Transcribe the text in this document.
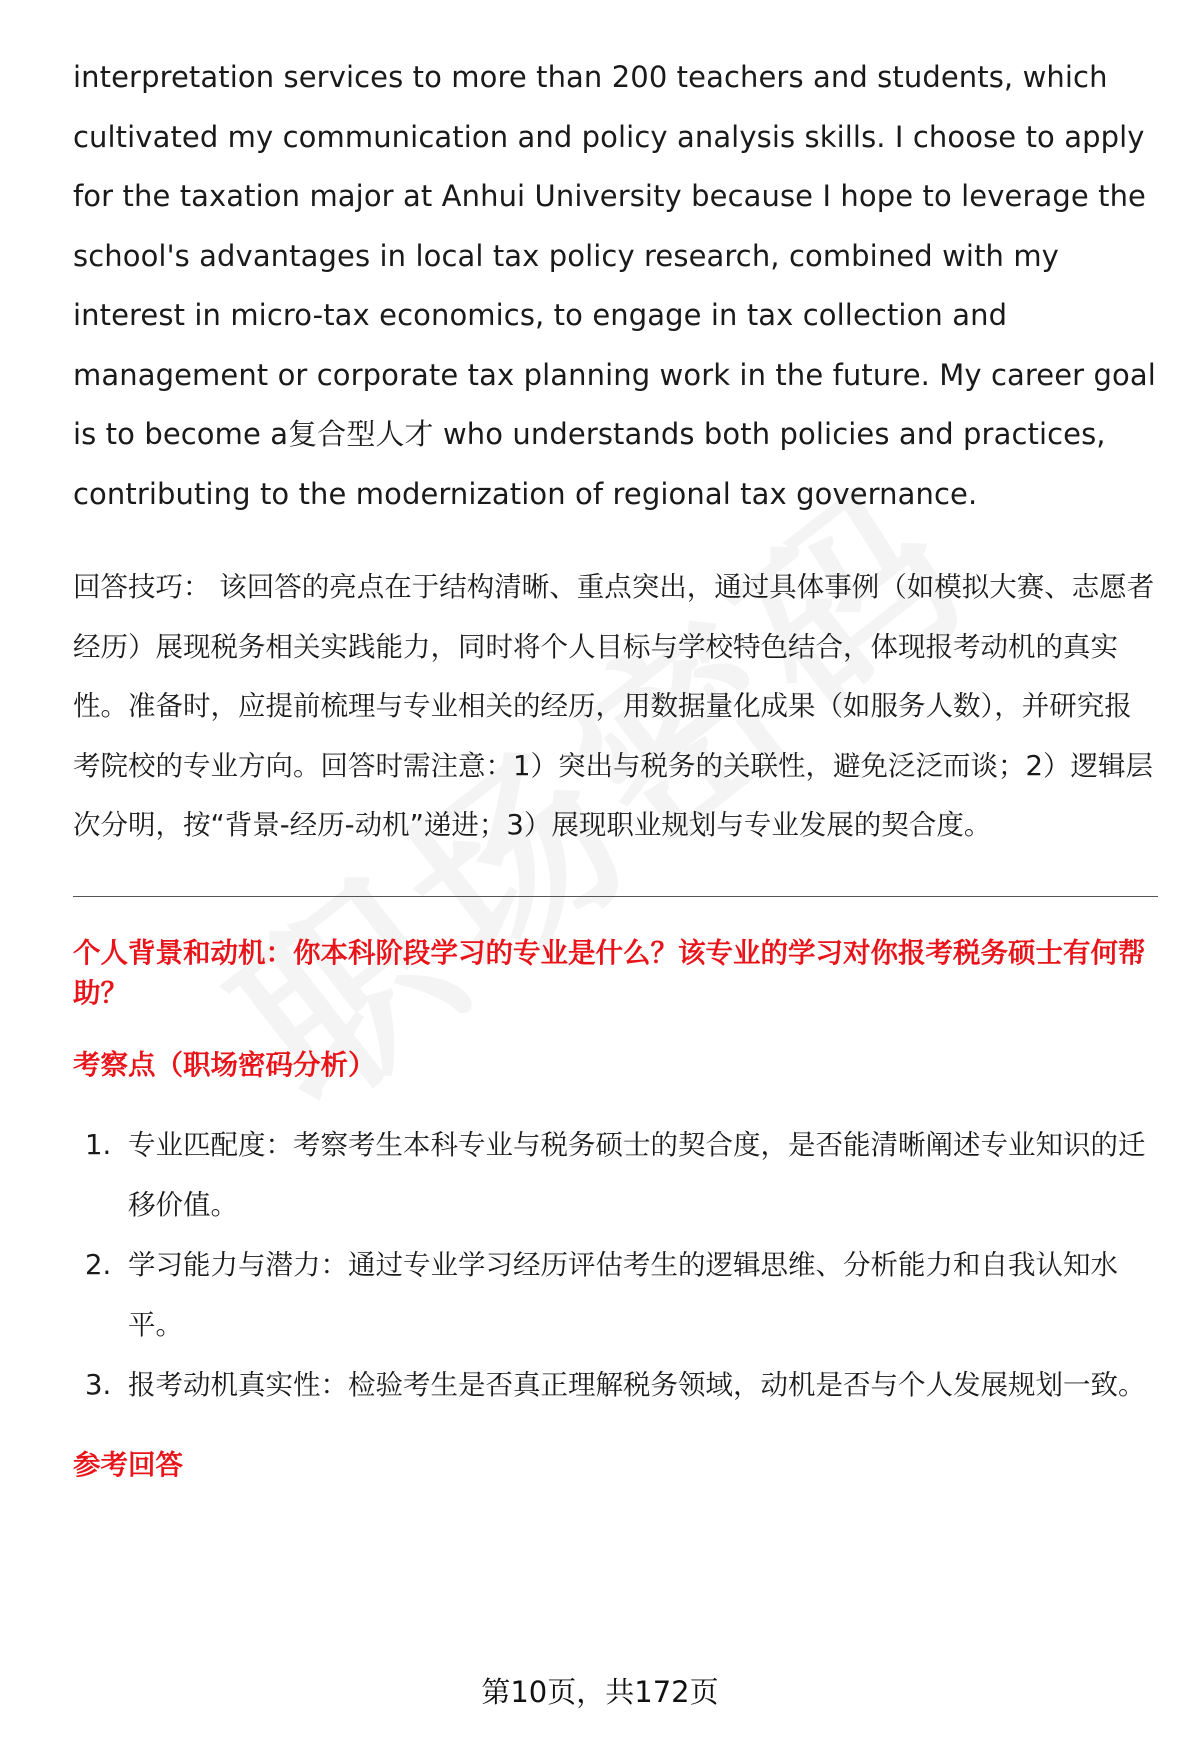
interpretation services to more than 200 teachers and students, which cultivated my communication and policy analysis skills. I choose to apply for the taxation major at Anhui University because I hope to leverage the school's advantages in local tax policy research, combined with my interest in micro-tax economics, to engage in tax collection and management or corporate tax planning work in the future. My career goal is to become a复合型人才 who understands both policies and practices, contributing to the modernization of regional tax governance.

回答技巧： 该回答的亮点在于结构清晰、重点突出，通过具体事例（如模拟大赛、志愿者经历）展现税务相关实践能力，同时将个人目标与学校特色结合，体现报考动机的真实性。准备时，应提前梳理与专业相关的经历，用数据量化成果（如服务人数），并研究报考院校的专业方向。回答时需注意：1）突出与税务的关联性，避免泛泛而谈；2）逻辑层次分明，按“背景-经历-动机”递进；3）展现职业规划与专业发展的契合度。

个人背景和动机：你本科阶段学习的专业是什么？该专业的学习对你报考税务硕士有何帮助？
考察点（职场密码分析）
1. 专业匹配度：考察考生本科专业与税务硕士的契合度，是否能清晰阐述专业知识的迁移价值。
2. 学习能力与潜力：通过专业学习经历评估考生的逻辑思维、分析能力和自我认知水平。
3. 报考动机真实性：检验考生是否真正理解税务领域，动机是否与个人发展规划一致。
参考回答
第10页，共172页
